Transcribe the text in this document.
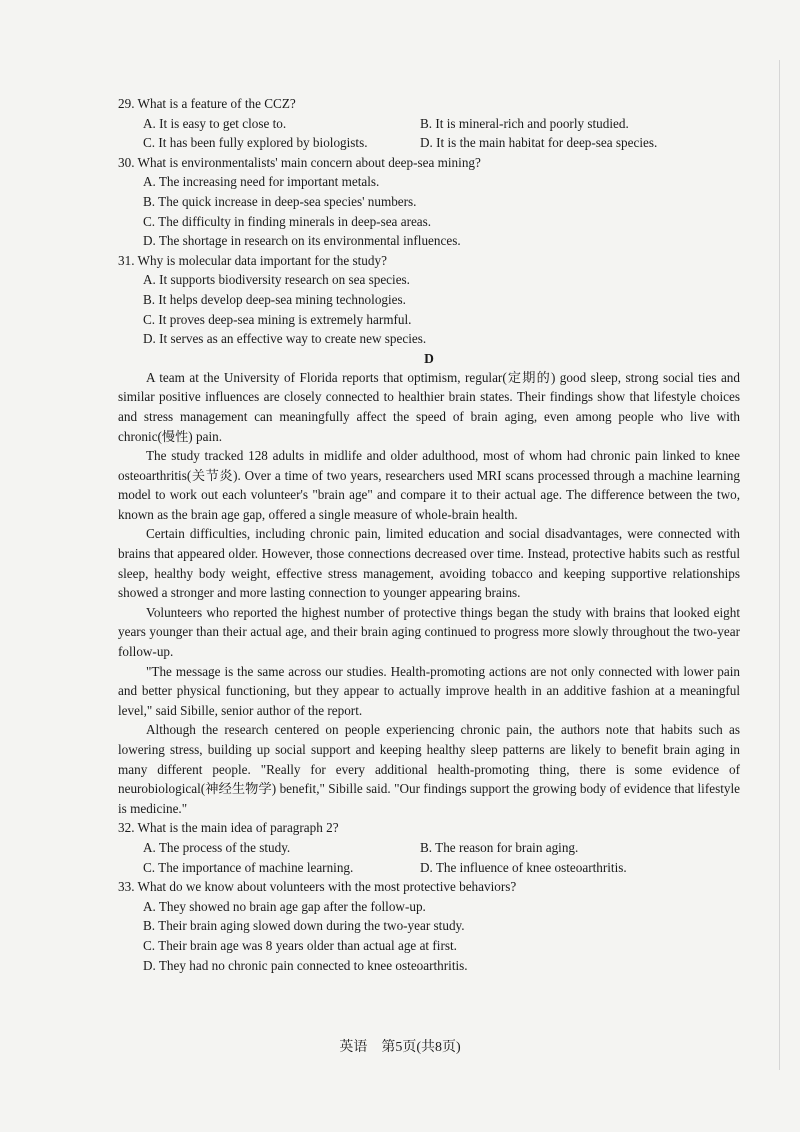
29. What is a feature of the CCZ?
A. It is easy to get close to.	B. It is mineral-rich and poorly studied.
C. It has been fully explored by biologists.	D. It is the main habitat for deep-sea species.
30. What is environmentalists' main concern about deep-sea mining?
A. The increasing need for important metals.
B. The quick increase in deep-sea species' numbers.
C. The difficulty in finding minerals in deep-sea areas.
D. The shortage in research on its environmental influences.
31. Why is molecular data important for the study?
A. It supports biodiversity research on sea species.
B. It helps develop deep-sea mining technologies.
C. It proves deep-sea mining is extremely harmful.
D. It serves as an effective way to create new species.
D

A team at the University of Florida reports that optimism, regular(定期的) good sleep, strong social ties and similar positive influences are closely connected to healthier brain states. Their findings show that lifestyle choices and stress management can meaningfully affect the speed of brain aging, even among people who live with chronic(慢性) pain.

The study tracked 128 adults in midlife and older adulthood, most of whom had chronic pain linked to knee osteoarthritis(关节炎). Over a time of two years, researchers used MRI scans processed through a machine learning model to work out each volunteer's "brain age" and compare it to their actual age. The difference between the two, known as the brain age gap, offered a single measure of whole-brain health.

Certain difficulties, including chronic pain, limited education and social disadvantages, were connected with brains that appeared older. However, those connections decreased over time. Instead, protective habits such as restful sleep, healthy body weight, effective stress management, avoiding tobacco and keeping supportive relationships showed a stronger and more lasting connection to younger appearing brains.

Volunteers who reported the highest number of protective things began the study with brains that looked eight years younger than their actual age, and their brain aging continued to progress more slowly throughout the two-year follow-up.

"The message is the same across our studies. Health-promoting actions are not only connected with lower pain and better physical functioning, but they appear to actually improve health in an additive fashion at a meaningful level," said Sibille, senior author of the report.

Although the research centered on people experiencing chronic pain, the authors note that habits such as lowering stress, building up social support and keeping healthy sleep patterns are likely to benefit brain aging in many different people. "Really for every additional health-promoting thing, there is some evidence of neurobiological(神经生物学) benefit," Sibille said. "Our findings support the growing body of evidence that lifestyle is medicine."

32. What is the main idea of paragraph 2?
A. The process of the study.	B. The reason for brain aging.
C. The importance of machine learning.	D. The influence of knee osteoarthritis.
33. What do we know about volunteers with the most protective behaviors?
A. They showed no brain age gap after the follow-up.
B. Their brain aging slowed down during the two-year study.
C. Their brain age was 8 years older than actual age at first.
D. They had no chronic pain connected to knee osteoarthritis.
英语　第5页(共8页)
